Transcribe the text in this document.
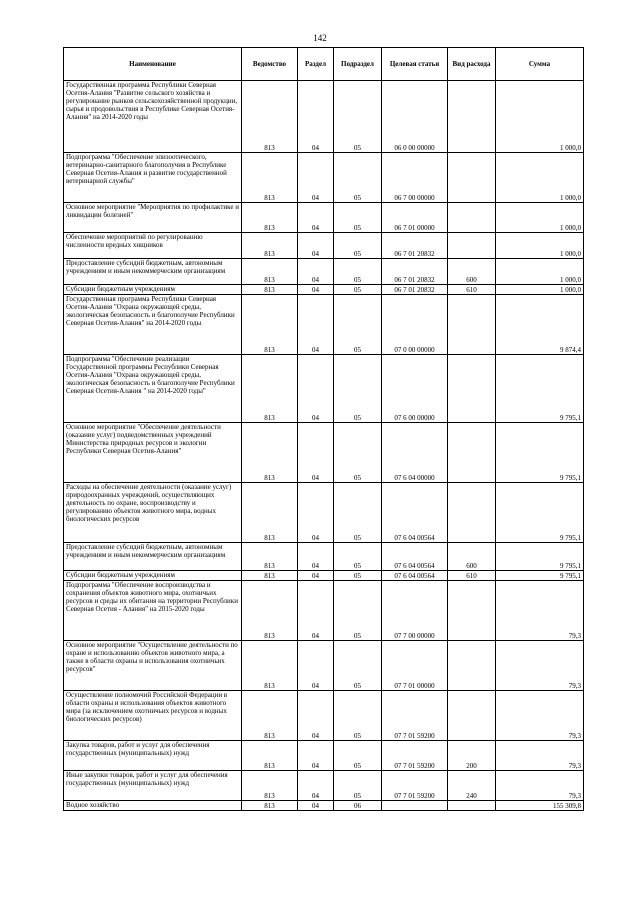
142
Наименование	Ведомство	Раздел	Подраздел	Целевая статья	Вид расхода	Сумма
Государственная программа Республики Северная Осетия-Алания "Развитие сельского хозяйства и регулирование рынков сельскохозяйственной продукции, сырья и продовольствия в Республике Северная Осетия-Алания" на 2014-2020 годы	813	04	05	06 0 00 00000		1 000,0
Подпрограмма "Обеспечение эпизоотического, ветеринарно-санитарного благополучия в Республике Северная Осетия-Алания и развитие государственной ветеринарной службы"	813	04	05	06 7 00 00000		1 000,0
Основное мероприятие "Мероприятия по профилактике и ликвидации болезней"	813	04	05	06 7 01 00000		1 000,0
Обеспечение мероприятий по регулированию численности вредных хищников	813	04	05	06 7 01 20832		1 000,0
Предоставление субсидий бюджетным, автономным учреждениям и иным некоммерческим организациям	813	04	05	06 7 01 20832	600	1 000,0
Субсидии бюджетным учреждениям	813	04	05	06 7 01 20832	610	1 000,0
Государственная программа Республики Северная Осетия-Алания "Охрана окружающей среды, экологическая безопасность и благополучие Республики Северная Осетия-Алания" на 2014-2020 годы	813	04	05	07 0 00 00000		9 874,4
Подпрограмма "Обеспечение реализации Государственной программы Республики Северная Осетия-Алания "Охрана окружающей среды, экологическая безопасность и благополучие Республики Северная Осетия-Алания " на 2014-2020 годы"	813	04	05	07 6 00 00000		9 795,1
Основное мероприятие "Обеспечение деятельности (оказание услуг) подведомственных учреждений Министерства природных ресурсов и экологии Республики Северная Осетия-Алания"	813	04	05	07 6 04 00000		9 795,1
Расходы на обеспечение деятельности (оказание услуг) природоохранных учреждений, осуществляющих деятельность по охране, воспроизводству и регулированию объектов животного мира, водных биологических ресурсов	813	04	05	07 6 04 00564		9 795,1
Предоставление субсидий бюджетным, автономным учреждениям и иным некоммерческим организациям	813	04	05	07 6 04 00564	600	9 795,1
Субсидии бюджетным учреждениям	813	04	05	07 6 04 00564	610	9 795,1
Подпрограмма "Обеспечение воспроизводства и сохранения объектов животного мира, охотничьих ресурсов и среды их обитания на территории Республики Северная Осетия - Алания" на 2015-2020 годы	813	04	05	07 7 00 00000		79,3
Основное мероприятие "Осуществление деятельности по охране и использованию объектов животного мира, а также в области охраны и использования охотничьих ресурсов"	813	04	05	07 7 01 00000		79,3
Осуществление полномочий Российской Федерации в области охраны и использования объектов животного мира (за исключением охотничьих ресурсов и водных биологических ресурсов)	813	04	05	07 7 01 59200		79,3
Закупка товаров, работ и услуг для обеспечения государственных (муниципальных) нужд	813	04	05	07 7 01 59200	200	79,3
Иные закупки товаров, работ и услуг для обеспечения государственных (муниципальных) нужд	813	04	05	07 7 01 59200	240	79,3
Водное хозяйство	813	04	06			155 309,8
